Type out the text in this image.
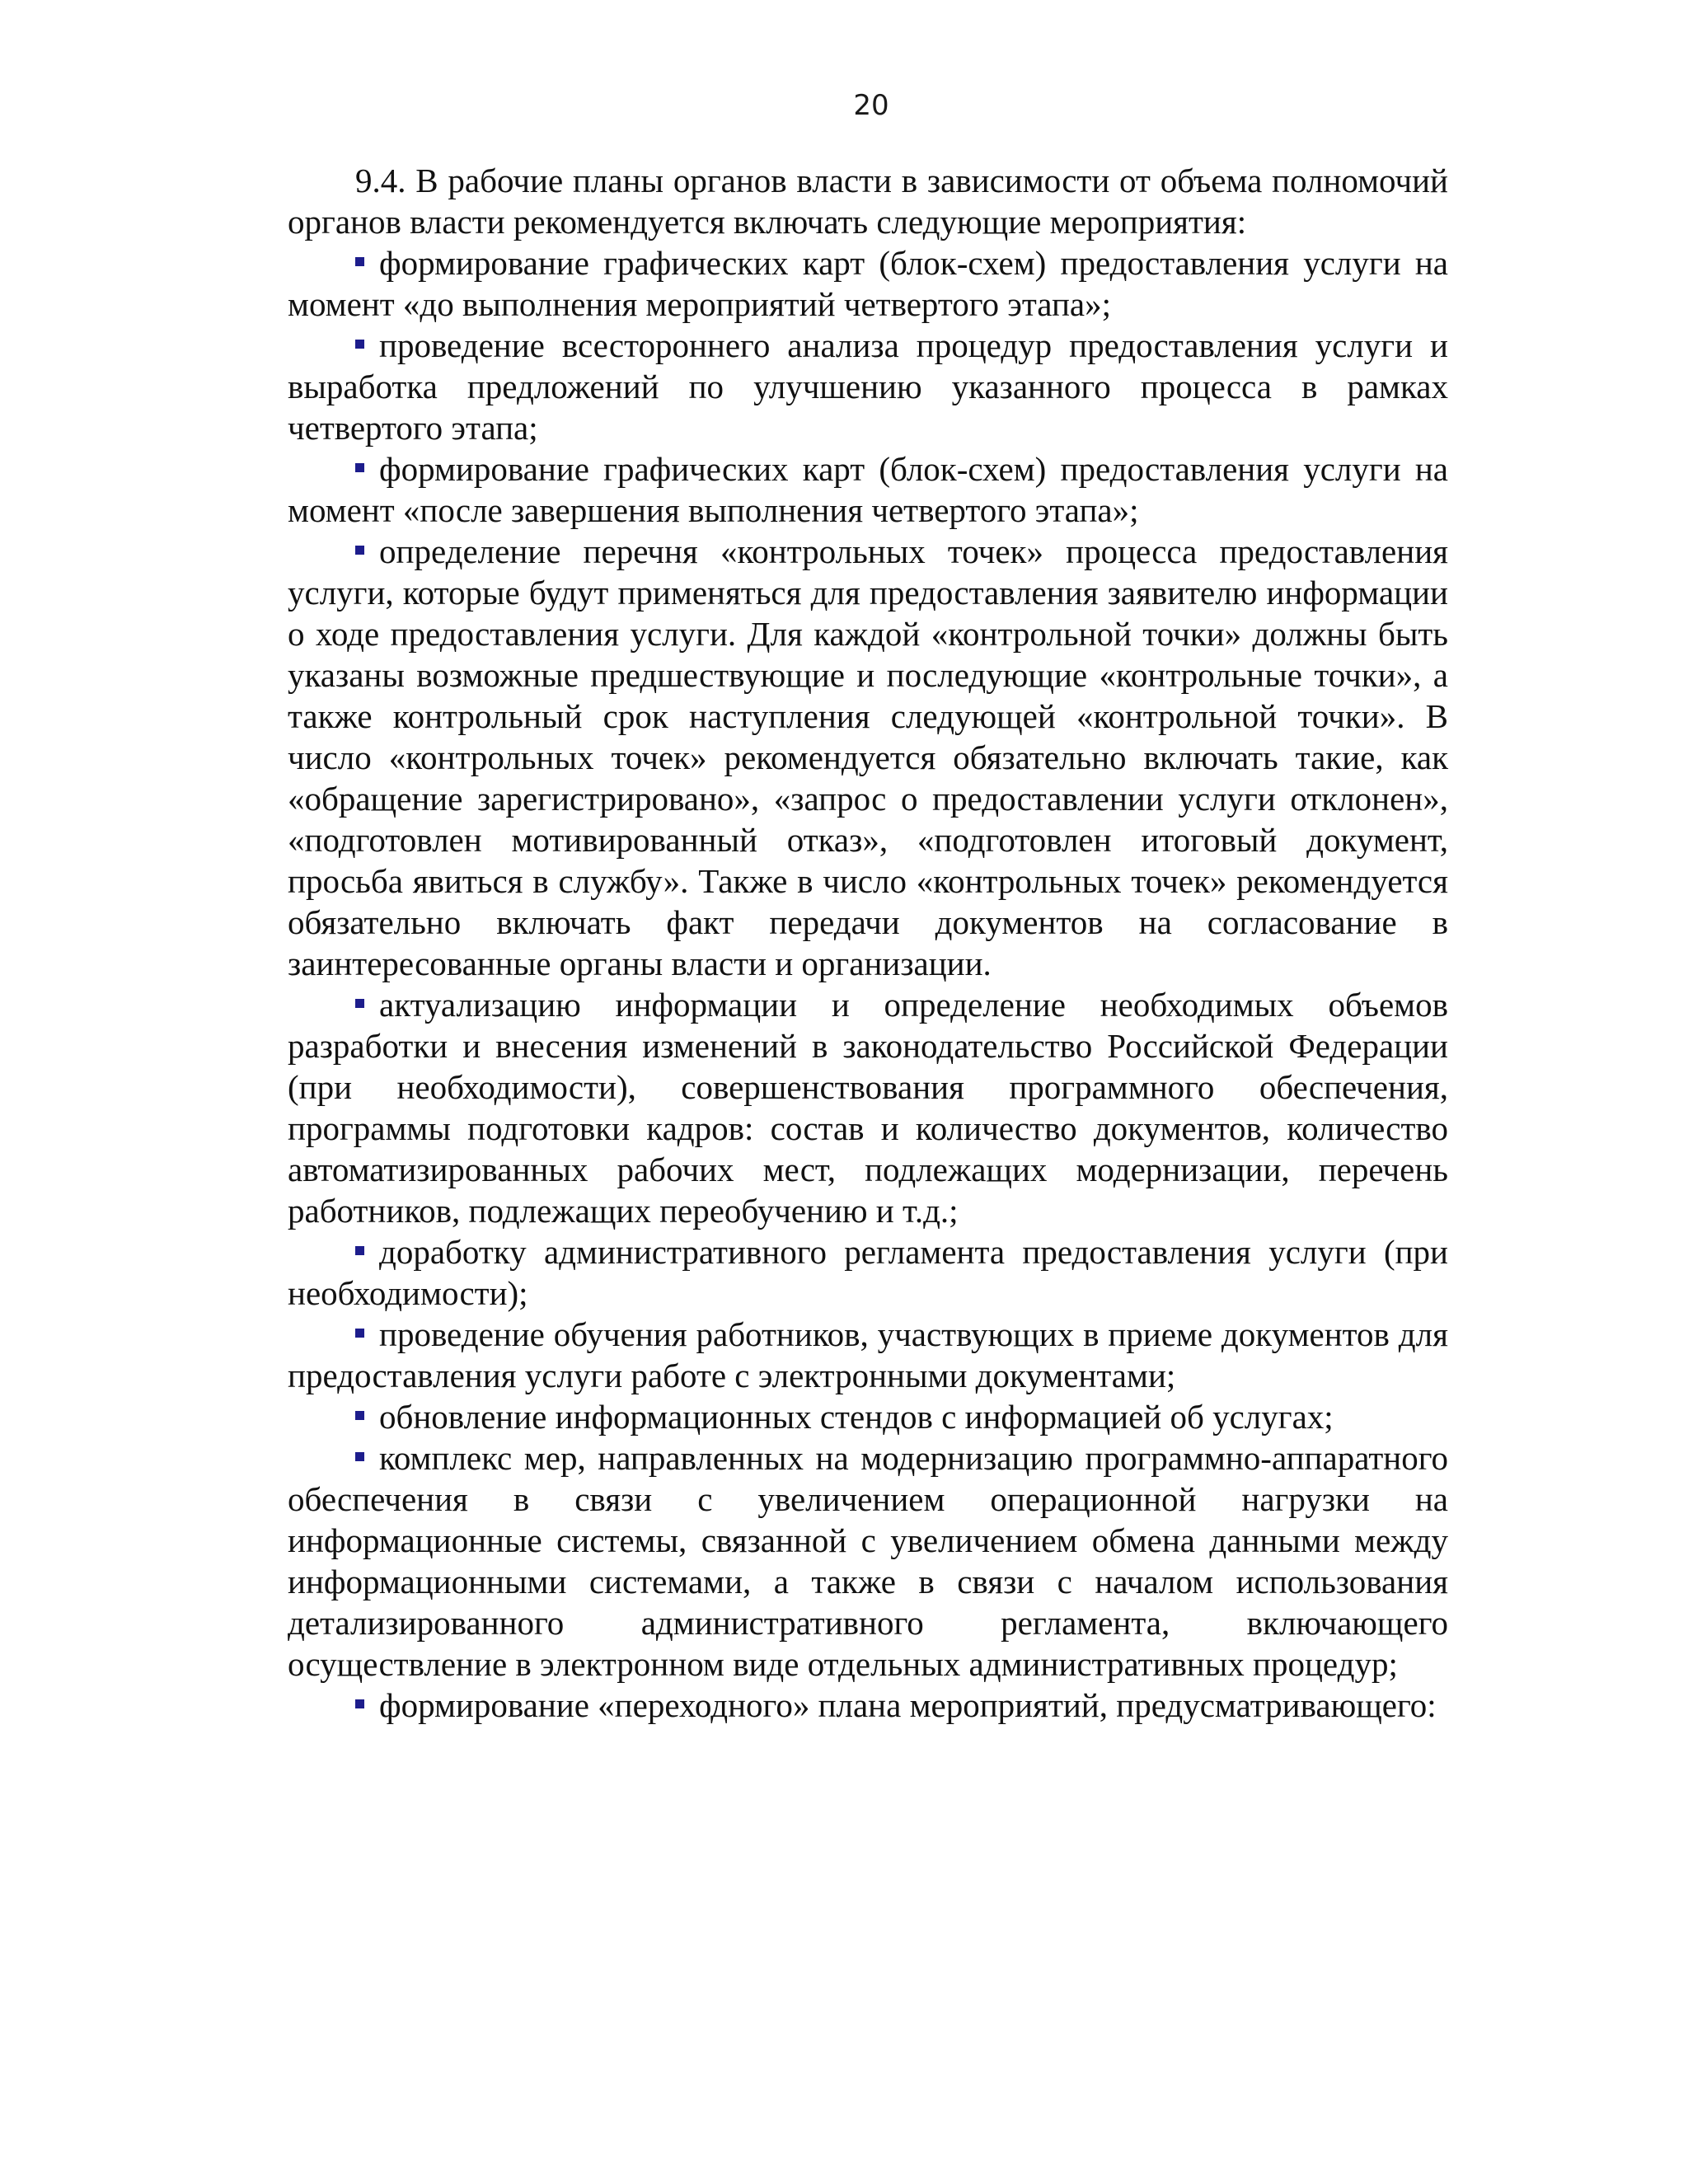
20

9.4. В рабочие планы органов власти в зависимости от объема полномочий органов власти рекомендуется включать следующие мероприятия:

формирование графических карт (блок-схем) предоставления услуги на момент «до выполнения мероприятий четвертого этапа»;

проведение всестороннего анализа процедур предоставления услуги и выработка предложений по улучшению указанного процесса в рамках четвертого этапа;

формирование графических карт (блок-схем) предоставления услуги на момент «после завершения выполнения четвертого этапа»;

определение перечня «контрольных точек» процесса предоставления услуги, которые будут применяться для предоставления заявителю информации о ходе предоставления услуги. Для каждой «контрольной точки» должны быть указаны возможные предшествующие и последующие «контрольные точки», а также контрольный срок наступления следующей «контрольной точки». В число «контрольных точек» рекомендуется обязательно включать такие, как «обращение зарегистрировано», «запрос о предоставлении услуги отклонен», «подготовлен мотивированный отказ», «подготовлен итоговый документ, просьба явиться в службу». Также в число «контрольных точек» рекомендуется обязательно включать факт передачи документов на согласование в заинтересованные органы власти и организации.

актуализацию информации и определение необходимых объемов разработки и внесения изменений в законодательство Российской Федерации (при необходимости), совершенствования программного обеспечения, программы подготовки кадров: состав и количество документов, количество автоматизированных рабочих мест, подлежащих модернизации, перечень работников, подлежащих переобучению и т.д.;

доработку административного регламента предоставления услуги (при необходимости);

проведение обучения работников, участвующих в приеме документов для предоставления услуги работе с электронными документами;

обновление информационных стендов с информацией об услугах;

комплекс мер, направленных на модернизацию программно-аппаратного обеспечения в связи с увеличением операционной нагрузки на информационные системы, связанной с увеличением обмена данными между информационными системами, а также в связи с началом использования детализированного административного регламента, включающего осуществление в электронном виде отдельных административных процедур;

формирование «переходного» плана мероприятий, предусматривающего:
